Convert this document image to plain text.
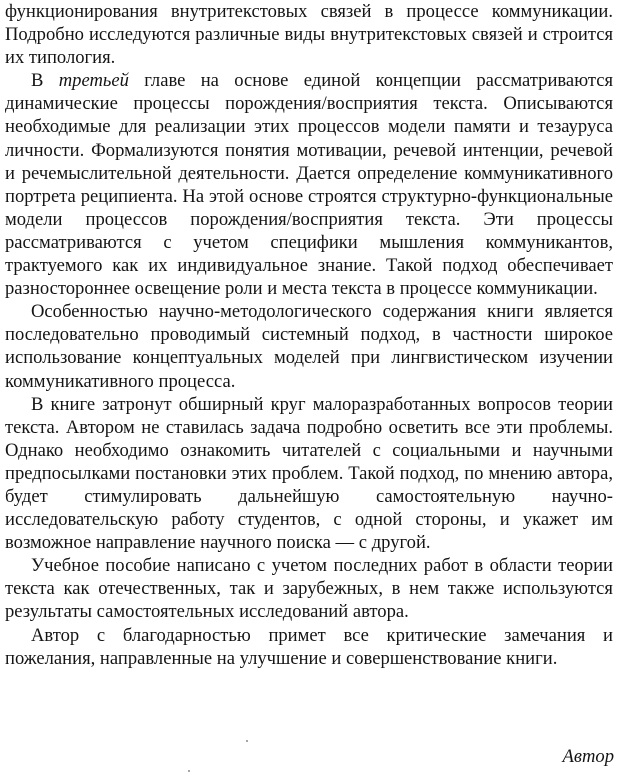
функционирования внутритекстовых связей в процессе коммуникации. Подробно исследуются различные виды внутритекстовых связей и строится их типология.

В третьей главе на основе единой концепции рассматриваются динамические процессы порождения/восприятия текста. Описываются необходимые для реализации этих процессов модели памяти и тезауруса личности. Формализуются понятия мотивации, речевой интенции, речевой и речемыслительной деятельности. Дается определение коммуникативного портрета реципиента. На этой основе строятся структурно-функциональные модели процессов порождения/восприятия текста. Эти процессы рассматриваются с учетом специфики мышления коммуникантов, трактуемого как их индивидуальное знание. Такой подход обеспечивает разностороннее освещение роли и места текста в процессе коммуникации.

Особенностью научно-методологического содержания книги является последовательно проводимый системный подход, в частности широкое использование концептуальных моделей при лингвистическом изучении коммуникативного процесса.

В книге затронут обширный круг малоразработанных вопросов теории текста. Автором не ставилась задача подробно осветить все эти проблемы. Однако необходимо ознакомить читателей с социальными и научными предпосылками постановки этих проблем. Такой подход, по мнению автора, будет стимулировать дальнейшую самостоятельную научно-исследовательскую работу студентов, с одной стороны, и укажет им возможное направление научного поиска — с другой.

Учебное пособие написано с учетом последних работ в области теории текста как отечественных, так и зарубежных, в нем также используются результаты самостоятельных исследований автора.

Автор с благодарностью примет все критические замечания и пожелания, направленные на улучшение и совершенствование книги.

Автор
